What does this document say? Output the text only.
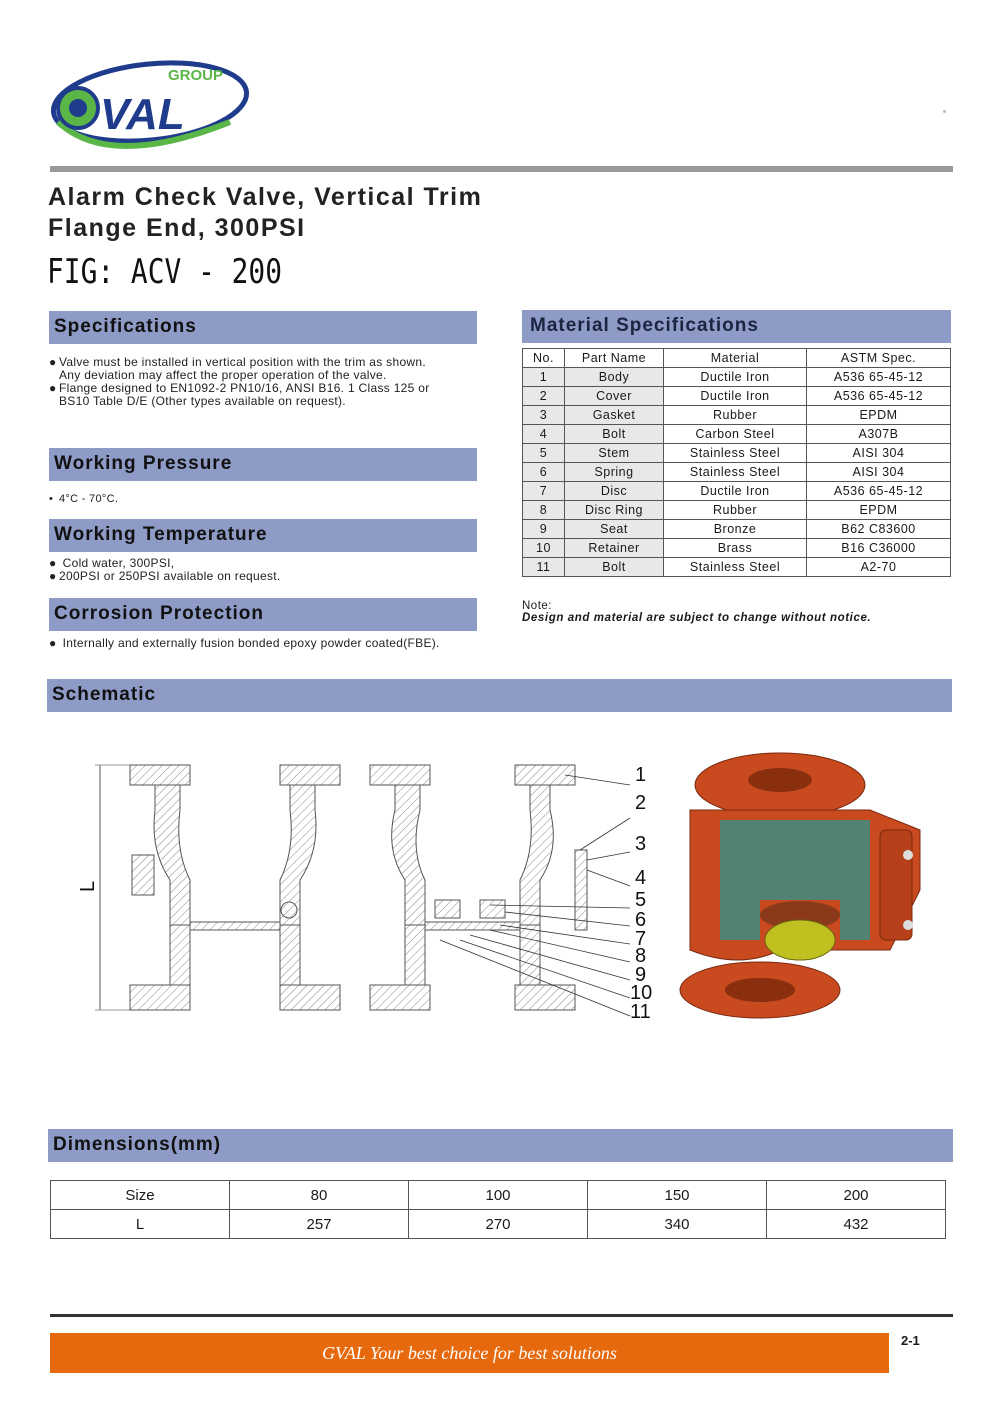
GROUP
VAL
Alarm Check Valve, Vertical Trim
Flange End, 300PSI
FIG: ACV - 200
Specifications
● Valve must be installed in vertical position with the trim as shown.
Any deviation may affect the proper operation of the valve.
● Flange designed to EN1092-2 PN10/16, ANSI B16. 1 Class 125 or
BS10 Table D/E (Other types available on request).
Working Pressure
• 4°C - 70°C.
Working Temperature
● Cold water, 300PSI,
● 200PSI or 250PSI available on request.
Corrosion Protection
● Internally and externally fusion bonded epoxy powder coated(FBE).
Material Specifications
No.	Part Name	Material	ASTM Spec.
1	Body	Ductile Iron	A536 65-45-12
2	Cover	Ductile Iron	A536 65-45-12
3	Gasket	Rubber	EPDM
4	Bolt	Carbon Steel	A307B
5	Stem	Stainless Steel	AISI 304
6	Spring	Stainless Steel	AISI 304
7	Disc	Ductile Iron	A536 65-45-12
8	Disc Ring	Rubber	EPDM
9	Seat	Bronze	B62 C83600
10	Retainer	Brass	B16 C36000
11	Bolt	Stainless Steel	A2-70
Note:
Design and material are subject to change without notice.
Schematic
L
1
2
3
4
5
6
7
8
9
10
11
Dimensions(mm)
Size	80	100	150	200
L	257	270	340	432
GVAL Your best choice for best solutions
2-1
